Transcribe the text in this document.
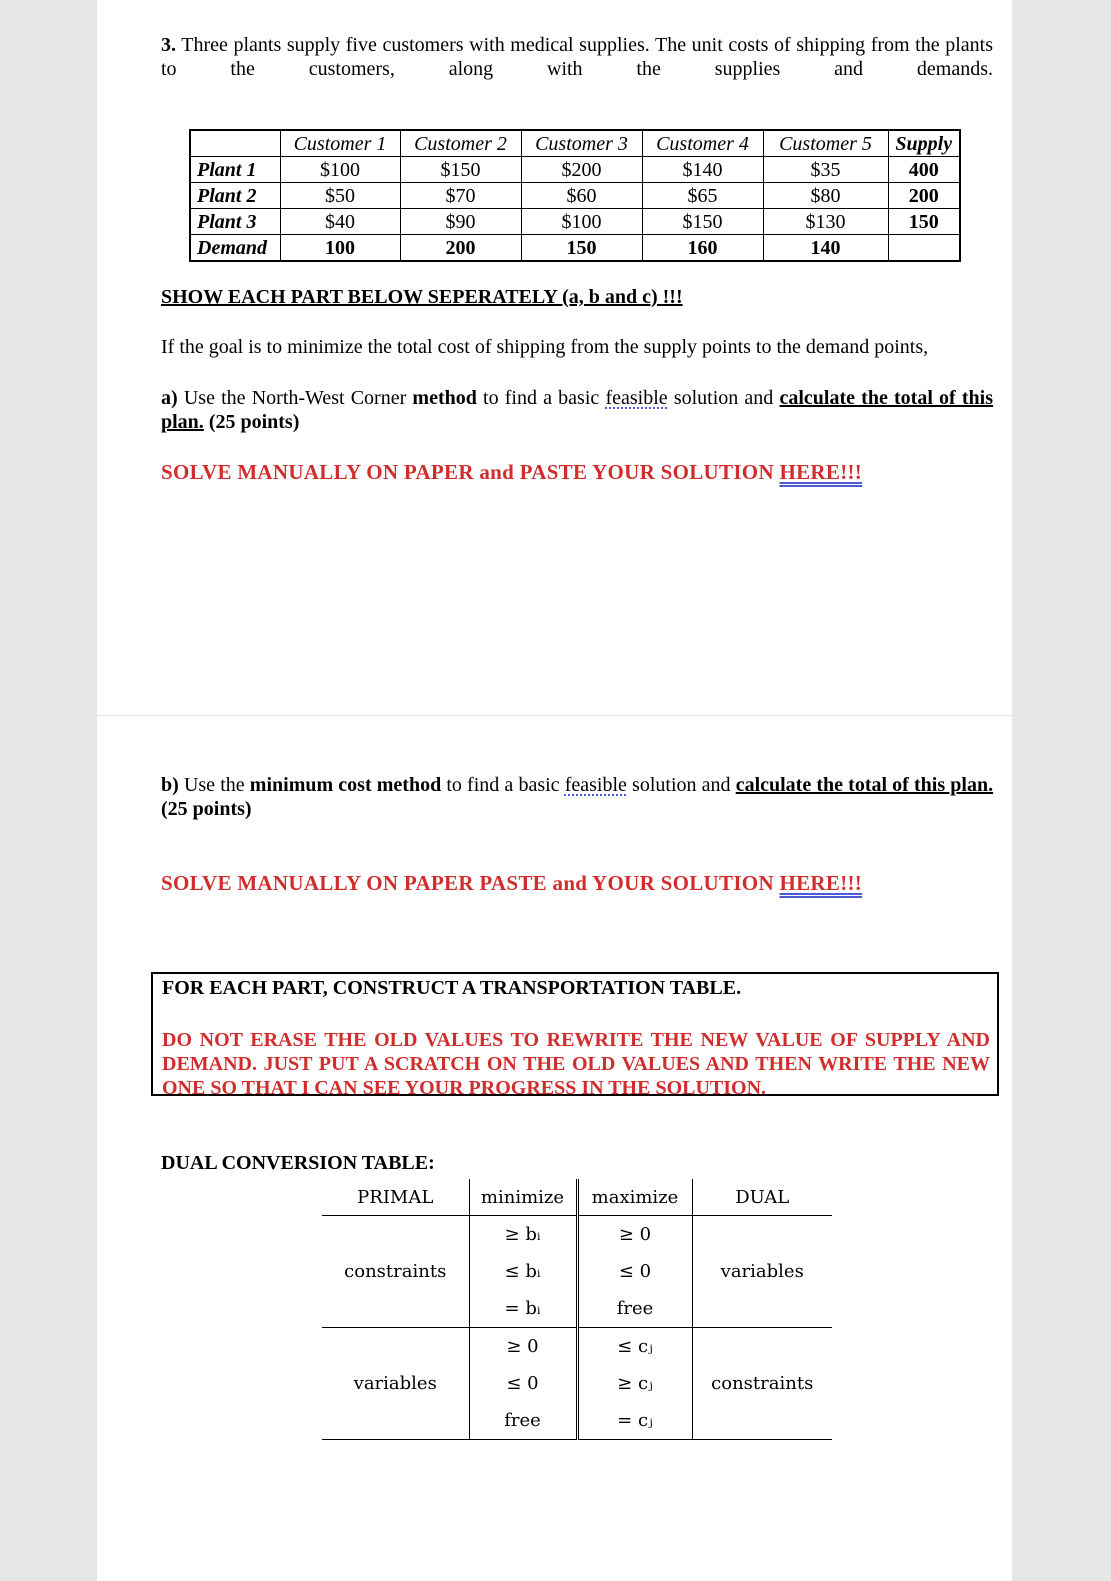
3. Three plants supply five customers with medical supplies. The unit costs of shipping from the plants to the customers, along with the supplies and demands.
	Customer 1	Customer 2	Customer 3	Customer 4	Customer 5	Supply
Plant 1	$100	$150	$200	$140	$35	400
Plant 2	$50	$70	$60	$65	$80	200
Plant 3	$40	$90	$100	$150	$130	150
Demand	100	200	150	160	140	
SHOW EACH PART BELOW SEPERATELY (a, b and c) !!!
If the goal is to minimize the total cost of shipping from the supply points to the demand points,
a) Use the North-West Corner method to find a basic feasible solution and calculate the total of this plan. (25 points)
SOLVE MANUALLY ON PAPER and PASTE YOUR SOLUTION HERE!!!
b) Use the minimum cost method to find a basic feasible solution and calculate the total of this plan. (25 points)
SOLVE MANUALLY ON PAPER PASTE and YOUR SOLUTION HERE!!!
FOR EACH PART, CONSTRUCT A TRANSPORTATION TABLE.
DO NOT ERASE THE OLD VALUES TO REWRITE THE NEW VALUE OF SUPPLY AND DEMAND. JUST PUT A SCRATCH ON THE OLD VALUES AND THEN WRITE THE NEW ONE SO THAT I CAN SEE YOUR PROGRESS IN THE SOLUTION.
DUAL CONVERSION TABLE:
PRIMAL	minimize	maximize	DUAL
constraints	≥ bᵢ	≥ 0	variables
	≤ bᵢ	≤ 0	
	= bᵢ	free	
variables	≥ 0	≤ cⱼ	constraints
	≤ 0	≥ cⱼ	
	free	= cⱼ	
